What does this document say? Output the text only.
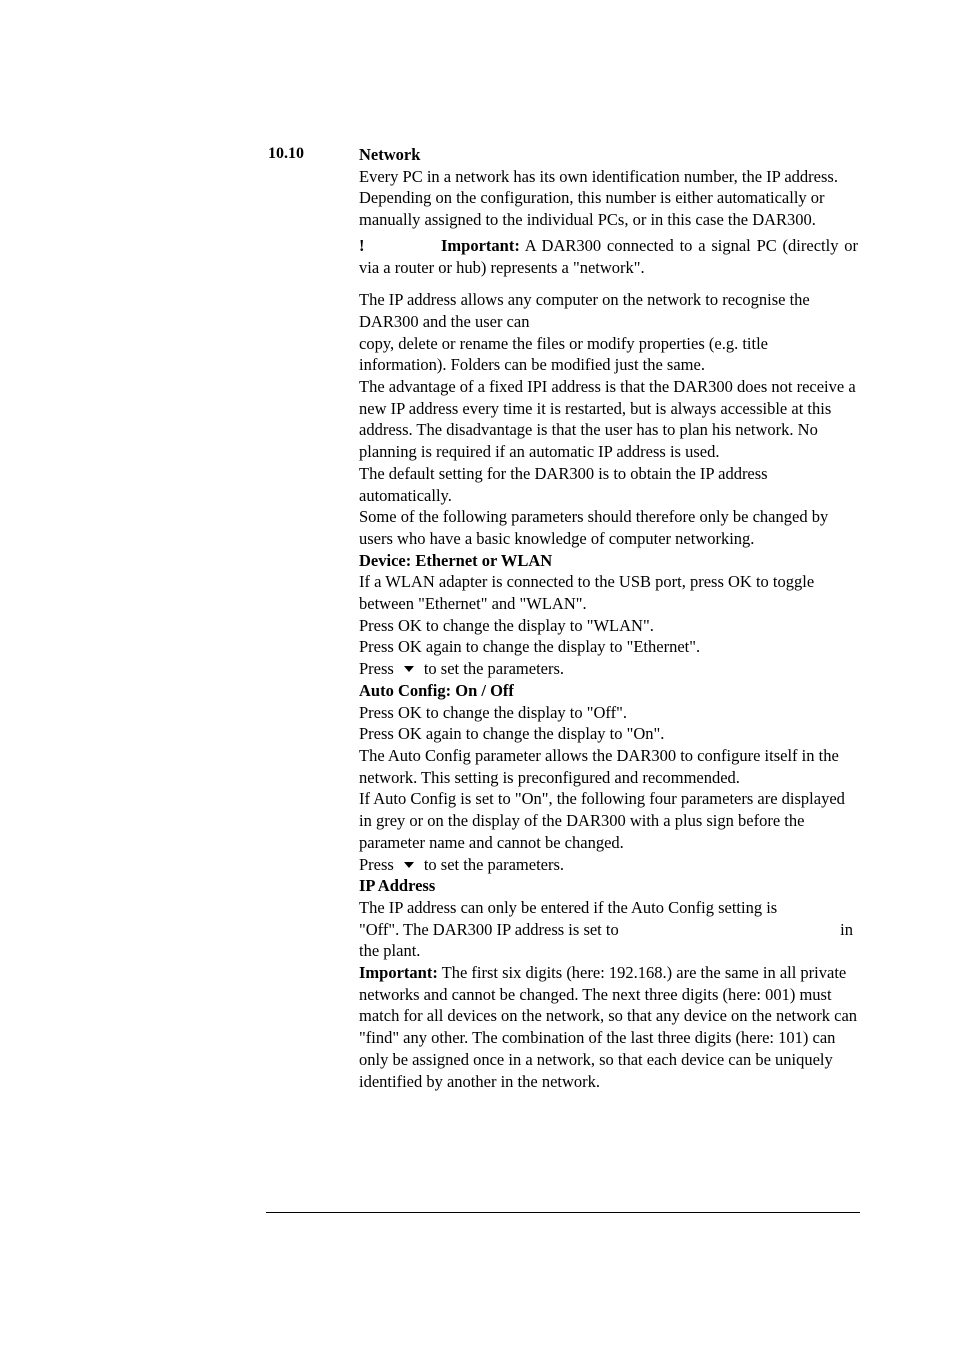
10.10	Network

Every PC in a network has its own identification number, the IP address. Depending on the configuration, this number is either automatically or manually assigned to the individual PCs, or in this case the DAR300.

!	Important: A DAR300 connected to a signal PC (directly or via a router or hub) represents a "network".

The IP address allows any computer on the network to recognise the DAR300 and the user can

copy, delete or rename the files or modify properties (e.g. title information). Folders can be modified just the same.

The advantage of a fixed IPI address is that the DAR300 does not receive a new IP address every time it is restarted, but is always accessible at this address. The disadvantage is that the user has to plan his network. No planning is required if an automatic IP address is used.

The default setting for the DAR300 is to obtain the IP address automatically.

Some of the following parameters should therefore only be changed by users who have a basic knowledge of computer networking.

Device: Ethernet or WLAN

If a WLAN adapter is connected to the USB port, press OK to toggle between "Ethernet" and "WLAN".

Press OK to change the display to "WLAN".

Press OK again to change the display to "Ethernet".

Press to set the parameters.

Auto Config: On / Off

Press OK to change the display to "Off".

Press OK again to change the display to "On".

The Auto Config parameter allows the DAR300 to configure itself in the network. This setting is preconfigured and recommended.

If Auto Config is set to "On", the following four parameters are displayed in grey or on the display of the DAR300 with a plus sign before the parameter name and cannot be changed.

Press to set the parameters.

IP Address

The IP address can only be entered if the Auto Config setting is

"Off". The DAR300 IP address is set to	in

the plant.

Important: The first six digits (here: 192.168.) are the same in all private networks and cannot be changed. The next three digits (here: 001) must match for all devices on the network, so that any device on the network can "find" any other. The combination of the last three digits (here: 101) can only be assigned once in a network, so that each device can be uniquely identified by another in the network.
